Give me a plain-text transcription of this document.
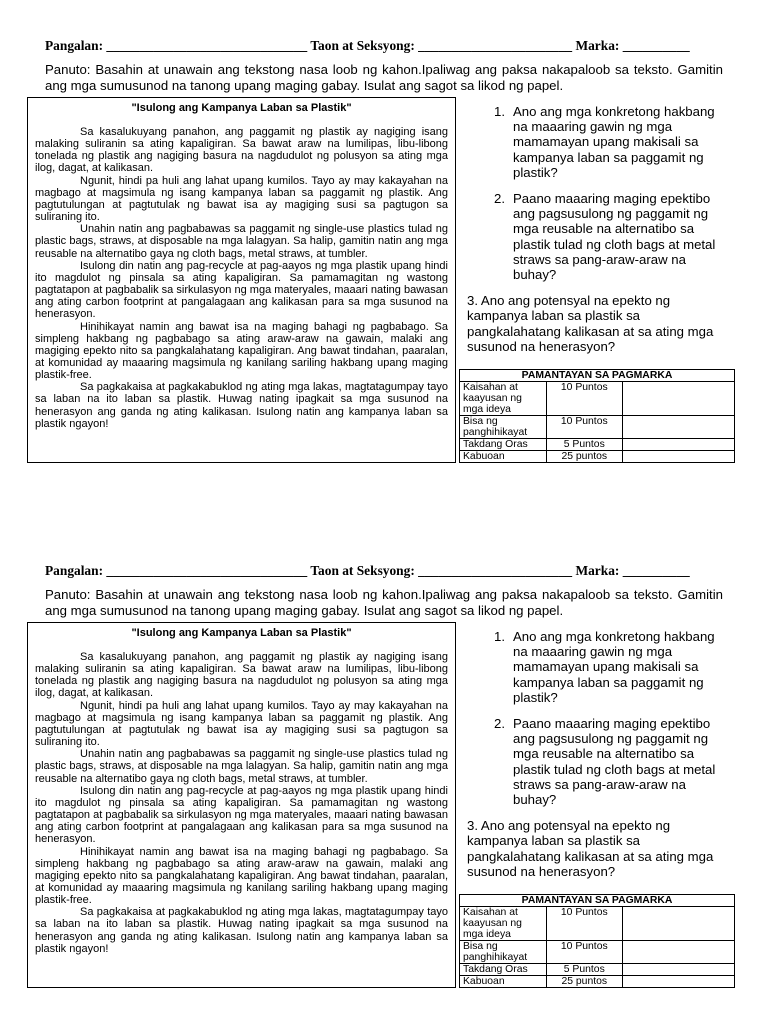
Pangalan: ______________________________ Taon at Seksyong: _______________________ Marka: __________
Panuto: Basahin at unawain ang tekstong nasa loob ng kahon.Ipaliwag ang paksa nakapaloob sa teksto. Gamitin ang mga sumusunod na tanong upang maging gabay. Isulat ang sagot sa likod ng papel.
"Isulong ang Kampanya Laban sa Plastik"

Sa kasalukuyang panahon, ang paggamit ng plastik ay nagiging isang malaking suliranin sa ating kapaligiran. Sa bawat araw na lumilipas, libu-libong tonelada ng plastik ang nagiging basura na nagdudulot ng polusyon sa ating mga ilog, dagat, at kalikasan.

Ngunit, hindi pa huli ang lahat upang kumilos. Tayo ay may kakayahan na magbago at magsimula ng isang kampanya laban sa paggamit ng plastik. Ang pagtutulungan at pagtutulak ng bawat isa ay magiging susi sa pagtugon sa suliraning ito.

Unahin natin ang pagbabawas sa paggamit ng single-use plastics tulad ng plastic bags, straws, at disposable na mga lalagyan. Sa halip, gamitin natin ang mga reusable na alternatibo gaya ng cloth bags, metal straws, at tumbler.

Isulong din natin ang pag-recycle at pag-aayos ng mga plastik upang hindi ito magdulot ng pinsala sa ating kapaligiran. Sa pamamagitan ng wastong pagtatapon at pagbabalik sa sirkulasyon ng mga materyales, maaari nating bawasan ang ating carbon footprint at pangalagaan ang kalikasan para sa mga susunod na henerasyon.

Hinihikayat namin ang bawat isa na maging bahagi ng pagbabago. Sa simpleng hakbang ng pagbabago sa ating araw-araw na gawain, malaki ang magiging epekto nito sa pangkalahatang kapaligiran. Ang bawat tindahan, paaralan, at komunidad ay maaaring magsimula ng kanilang sariling hakbang upang maging plastik-free.

Sa pagkakaisa at pagkakabuklod ng ating mga lakas, magtatagumpay tayo sa laban na ito laban sa plastik. Huwag nating ipagkait sa mga susunod na henerasyon ang ganda ng ating kalikasan. Isulong natin ang kampanya laban sa plastik ngayon!

1. Ano ang mga konkretong hakbang na maaaring gawin ng mga mamamayan upang makisali sa kampanya laban sa paggamit ng plastik?
2. Paano maaaring maging epektibo ang pagsusulong ng paggamit ng mga reusable na alternatibo sa plastik tulad ng cloth bags at metal straws sa pang-araw-araw na buhay?
3. Ano ang potensyal na epekto ng kampanya laban sa plastik sa pangkalahatang kalikasan at sa ating mga susunod na henerasyon?
PAMANTAYAN SA PAGMARKA		
Kaisahan at kaayusan ng mga ideya	10 Puntos	
Bisa ng panghihikayat	10 Puntos	
Takdang Oras	5 Puntos	
Kabuoan	25 puntos	
Pangalan: ______________________________ Taon at Seksyong: _______________________ Marka: __________
Panuto: Basahin at unawain ang tekstong nasa loob ng kahon.Ipaliwag ang paksa nakapaloob sa teksto. Gamitin ang mga sumusunod na tanong upang maging gabay. Isulat ang sagot sa likod ng papel.
"Isulong ang Kampanya Laban sa Plastik"

Sa kasalukuyang panahon, ang paggamit ng plastik ay nagiging isang malaking suliranin sa ating kapaligiran. Sa bawat araw na lumilipas, libu-libong tonelada ng plastik ang nagiging basura na nagdudulot ng polusyon sa ating mga ilog, dagat, at kalikasan.

Ngunit, hindi pa huli ang lahat upang kumilos. Tayo ay may kakayahan na magbago at magsimula ng isang kampanya laban sa paggamit ng plastik. Ang pagtutulungan at pagtutulak ng bawat isa ay magiging susi sa pagtugon sa suliraning ito.

Unahin natin ang pagbabawas sa paggamit ng single-use plastics tulad ng plastic bags, straws, at disposable na mga lalagyan. Sa halip, gamitin natin ang mga reusable na alternatibo gaya ng cloth bags, metal straws, at tumbler.

Isulong din natin ang pag-recycle at pag-aayos ng mga plastik upang hindi ito magdulot ng pinsala sa ating kapaligiran. Sa pamamagitan ng wastong pagtatapon at pagbabalik sa sirkulasyon ng mga materyales, maaari nating bawasan ang ating carbon footprint at pangalagaan ang kalikasan para sa mga susunod na henerasyon.

Hinihikayat namin ang bawat isa na maging bahagi ng pagbabago. Sa simpleng hakbang ng pagbabago sa ating araw-araw na gawain, malaki ang magiging epekto nito sa pangkalahatang kapaligiran. Ang bawat tindahan, paaralan, at komunidad ay maaaring magsimula ng kanilang sariling hakbang upang maging plastik-free.

Sa pagkakaisa at pagkakabuklod ng ating mga lakas, magtatagumpay tayo sa laban na ito laban sa plastik. Huwag nating ipagkait sa mga susunod na henerasyon ang ganda ng ating kalikasan. Isulong natin ang kampanya laban sa plastik ngayon!

1. Ano ang mga konkretong hakbang na maaaring gawin ng mga mamamayan upang makisali sa kampanya laban sa paggamit ng plastik?
2. Paano maaaring maging epektibo ang pagsusulong ng paggamit ng mga reusable na alternatibo sa plastik tulad ng cloth bags at metal straws sa pang-araw-araw na buhay?
3. Ano ang potensyal na epekto ng kampanya laban sa plastik sa pangkalahatang kalikasan at sa ating mga susunod na henerasyon?
PAMANTAYAN SA PAGMARKA		
Kaisahan at kaayusan ng mga ideya	10 Puntos	
Bisa ng panghihikayat	10 Puntos	
Takdang Oras	5 Puntos	
Kabuoan	25 puntos	
